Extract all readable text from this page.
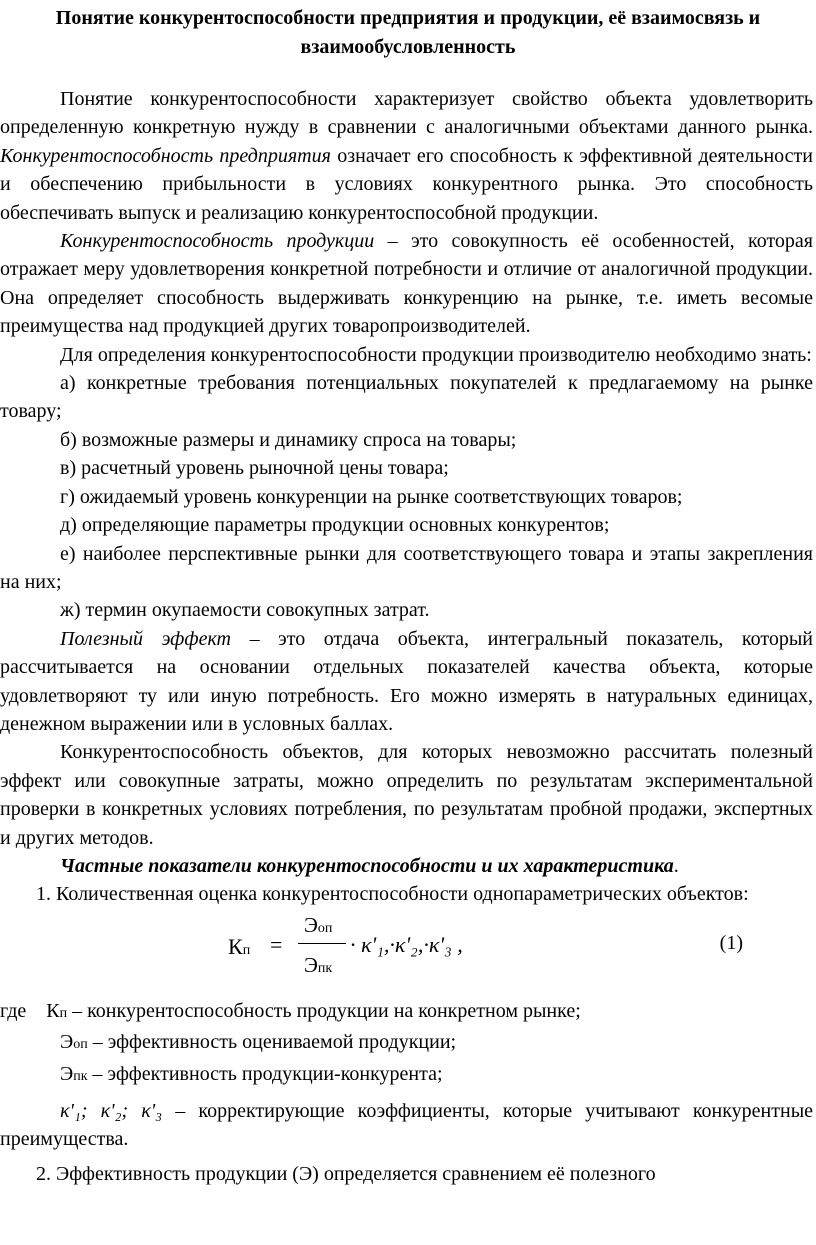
Понятие конкурентоспособности предприятия и продукции, её взаимосвязь и взаимообусловленность

Понятие конкурентоспособности характеризует свойство объекта удовлетворить определенную конкретную нужду в сравнении с аналогичными объектами данного рынка. Конкурентоспособность предприятия означает его способность к эффективной деятельности и обеспечению прибыльности в условиях конкурентного рынка. Это способность обеспечивать выпуск и реализацию конкурентоспособной продукции.

Конкурентоспособность продукции – это совокупность её особенностей, которая отражает меру удовлетворения конкретной потребности и отличие от аналогичной продукции. Она определяет способность выдерживать конкуренцию на рынке, т.е. иметь весомые преимущества над продукцией других товаропроизводителей.

Для определения конкурентоспособности продукции производителю необходимо знать:

а) конкретные требования потенциальных покупателей к предлагаемому на рынке товару;

б) возможные размеры и динамику спроса на товары;

в) расчетный уровень рыночной цены товара;

г) ожидаемый уровень конкуренции на рынке соответствующих товаров;

д) определяющие параметры продукции основных конкурентов;

е) наиболее перспективные рынки для соответствующего товара и этапы закрепления на них;

ж) термин окупаемости совокупных затрат.

Полезный эффект – это отдача объекта, интегральный показатель, который рассчитывается на основании отдельных показателей качества объекта, которые удовлетворяют ту или иную потребность. Его можно измерять в натуральных единицах, денежном выражении или в условных баллах.

Конкурентоспособность объектов, для которых невозможно рассчитать полезный эффект или совокупные затраты, можно определить по результатам экспериментальной проверки в конкретных условиях потребления, по результатам пробной продажи, экспертных и других методов.

Частные показатели конкурентоспособности и их характеристика.

1. Количественная оценка конкурентоспособности однопараметрических объектов:

Кп =
Эоп
Эпк
· κ'₁,·κ'₂,·κ'₃ ,	(1)

где Кп – конкурентоспособность продукции на конкретном рынке;

Эоп – эффективность оцениваемой продукции;

Эпк – эффективность продукции-конкурента;

κ'₁; κ'₂; κ'₃ – корректирующие коэффициенты, которые учитывают конкурентные преимущества.

2. Эффективность продукции (Э) определяется сравнением её полезного
